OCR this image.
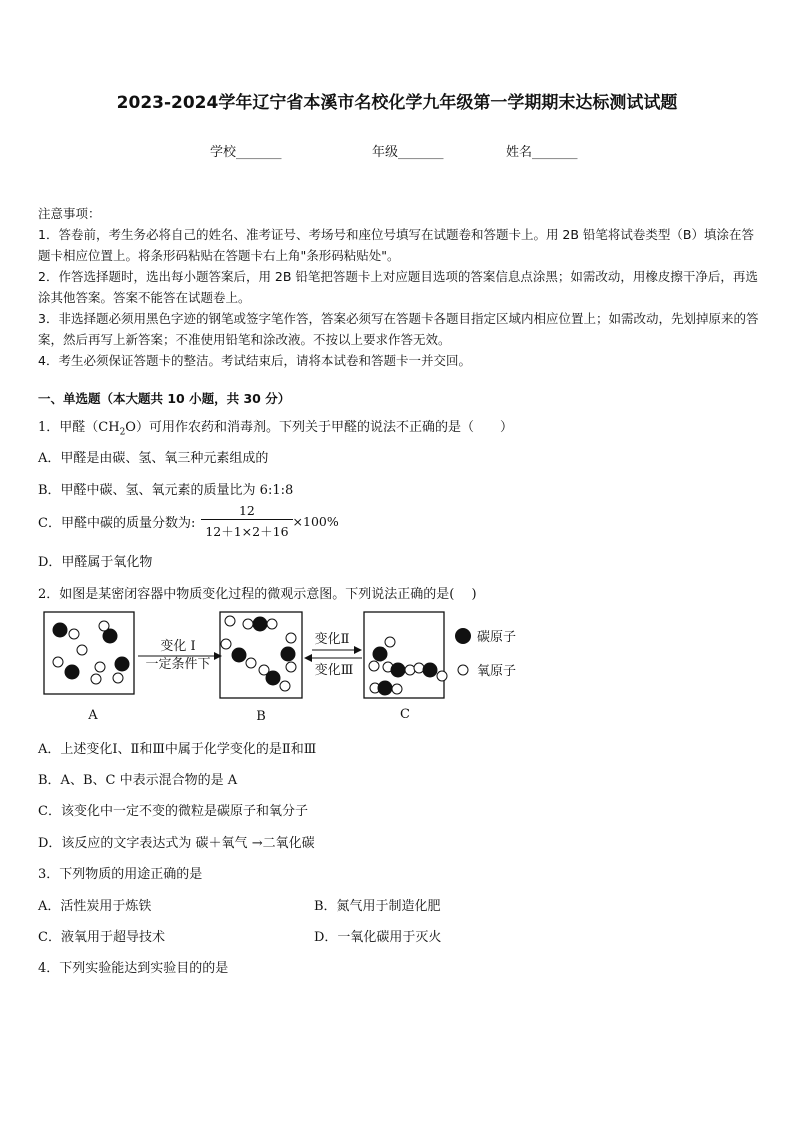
2023-2024学年辽宁省本溪市名校化学九年级第一学期期末达标测试试题
学校_______	年级_______	姓名_______

注意事项：

1．答卷前，考生务必将自己的姓名、准考证号、考场号和座位号填写在试题卷和答题卡上。用 2B 铅笔将试卷类型（B）填涂在答题卡相应位置上。将条形码粘贴在答题卡右上角"条形码粘贴处"。

2．作答选择题时，选出每小题答案后，用 2B 铅笔把答题卡上对应题目选项的答案信息点涂黑；如需改动，用橡皮擦干净后，再选涂其他答案。答案不能答在试题卷上。

3．非选择题必须用黑色字迹的钢笔或签字笔作答，答案必须写在答题卡各题目指定区域内相应位置上；如需改动，先划掉原来的答案，然后再写上新答案；不准使用铅笔和涂改液。不按以上要求作答无效。

4．考生必须保证答题卡的整洁。考试结束后，请将本试卷和答题卡一并交回。

一、单选题（本大题共 10 小题，共 30 分）
1．甲醛$(CH_2O)$可用作农药和消毒剂。下列关于甲醛的说法不正确的是（　　）
A．甲醛是由碳、氢、氧三种元素组成的
B．甲醛中碳、氢、氧元素的质量比为 6:1:8
C．甲醛中碳的质量分数为: $\frac{12}{12+1\times 2+16} \times 100\%$
D．甲醛属于氧化物
2．如图是某密闭容器中物质变化过程的微观示意图。下列说法正确的是(　 )
A
变化 I
一定条件下
B
变化Ⅱ
变化Ⅲ
C
碳原子
氧原子
A．上述变化Ⅰ、Ⅱ和Ⅲ中属于化学变化的是Ⅱ和Ⅲ
B．A、B、C 中表示混合物的是 A
C．该变化中一定不变的微粒是碳原子和氧分子
D．该反应的文字表达式为 碳＋氧气 →二氧化碳
3．下列物质的用途正确的是
A．活性炭用于炼铁	B．氮气用于制造化肥
C．液氧用于超导技术	D．一氧化碳用于灭火
4．下列实验能达到实验目的的是
